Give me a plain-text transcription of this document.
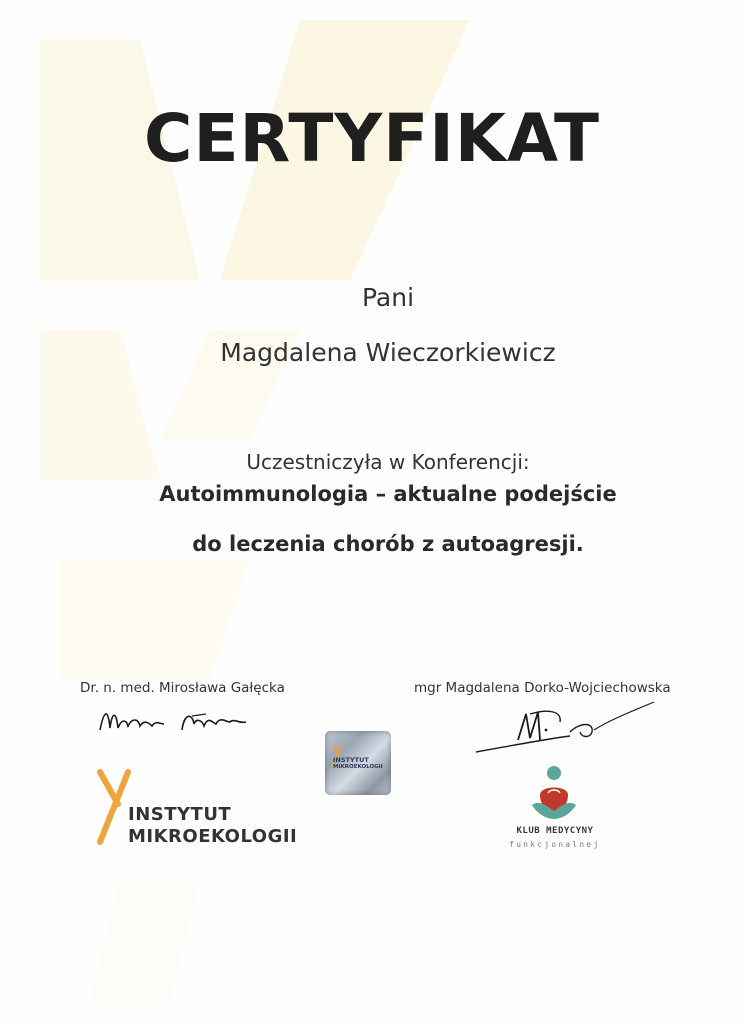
CERTYFIKAT
Pani
Magdalena Wieczorkiewicz
Uczestniczyła w Konferencji:
Autoimmunologia – aktualne podejście
do leczenia chorób z autoagresji.
Dr. n. med. Mirosława Gałęcka	mgr Magdalena Dorko-Wojciechowska
INSTYTUT
MIKROEKOLOGII
INSTYTUT
MIKROEKOLOGII
KLUB MEDYCYNY
funkcjonalnej
